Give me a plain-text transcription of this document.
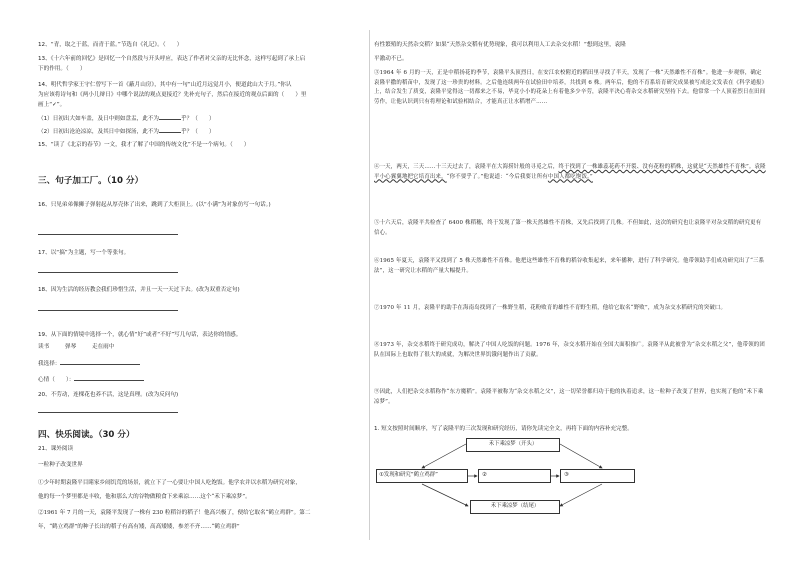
12、“青，取之于蓝，而青于蓝。”节选自《礼记》。（　　）
13、《十六年前的回忆》是回忆一个自然段与开头呼应，表达了作者对父亲的无比怀念，这样写起到了承上启
下的作用。（　　）
14、明代哲学家王守仁曾写下一首《蔽月山房》，其中有一句“山近月远觉月小，便道此山大于月。”你认
为应该将诗句和《两小儿辩日》中哪个说法的观点更接近？先补充句子，然后在接近的观点后面的（　　）里
画上“✓”。
（1）日初出大如车盖，及日中则如盘盂，此不为	乎？（　　）
（2）日初出沧沧凉凉，及其日中如探汤，此不为	乎？（　　）
15、“读了《北京的春节》一文，我才了解了中国的传统文化”不是一个病句。（　　）
三、句子加工厂。（10 分）
16、只见弟弟像狮子弹射起从厚壳体了出来，跳到了大柜顶上。(以“小满”为对象仿写一句话。)
17、以“搞”为主题，写一个等张句。
18、因为生活的经历教会我们珍惜生活，并且一天一天过下去。(改为双重否定句)
19、从下面的情境中选择一个，就心情“好”或者“不好”写几句话，表达你的情感。
读书	弹琴	走在雨中
我选择：
心情（　　）：
20、不劳动，连棵花也养不活，这是真理。(改为反问句)
四、快乐阅读。（30 分）
21、课外阅读
一粒种子改变世界
①少年时期袁隆平目睹家乡闹饥荒的场景，就立下了一心要让中国人吃饱饭。他学农并以水稻为研究对象，
他的每一个梦里都是丰收，他和那么大的谷物做粮食下来乘凉……这个“禾下乘凉梦”。
②1961 年 7 月的一天，袁隆平发现了一株有 230 粒稻谷的稻子！他高兴极了，便给它取名“鹤立鸡群”。第二
年，“鹤立鸡群”的种子长出的稻子有高有矮，高高矮矮，参差不齐……“鹤立鸡群”
有性繁殖的天然杂交稻？如果“天然杂交稻有优势现象，我可以利用人工去杂交水稻！”想到这里，袁隆
平激动不已。
③1964 年 6 月的一天，正是中稻扬花的季节，袁隆平头顶烈日，在安江农校附近的稻田里寻找了半天，发现了一株“天然雄性不育株”。他进一步观察，确定袁隆平撒的稻苗中，发现了这一珍贵的材料。之后他连续两年在试验田中培养，共找到 6 株。两年后，他的不育系培育研究成果被写成论文发表在《科学通报》上，结合发生了质变，袁隆平觉得这一切都来之不易，毕竟小小的花朵上有着他多少辛劳，袁隆平决心将杂交水稻研究坚持下去。他常常一个人顶着烈日在田间劳作，让他认识到只有将理论和试验相结合，才能真正让水稻增产……
④一天，两天，三天……十三天过去了，袁隆平在大海捞针般的寻觅之后，终于找到了一株雄蕊花药不开裂、没有花粉的稻株，这就是“天然雄性不育株”。袁隆平小心翼翼地把它培育出来，“你不要乎了。”他说道：“今后我要让所有中国人都吃饱饭。”
⑤十六天后，袁隆平共检查了 6400 株稻穗，终于发现了第一株天然雄性不育株，又先后找到了几株。不但如此，这次的研究也让袁隆平对杂交稻的研究更有信心。
⑥1965 年夏天，袁隆平又找到了 5 株天然雄性不育株。他把这些雄性不育株的稻谷收集起来，来年播种，进行了科学研究。他带领助手们成功研究出了“三系法”，这一研究让水稻的产量大幅提升。
⑦1970 年 11 月，袁隆平的助手在海南岛找到了一株野生稻，花粉败育的雄性不育野生稻，他给它取名“野败”，成为杂交水稻研究的突破口。
⑧1973 年，杂交水稻终于研究成功，解决了中国人吃饭的问题。1976 年，杂交水稻开始在全国大面积推广。袁隆平从此被誉为“杂交水稻之父”，他带领的团队在国际上也取得了很大的成就，为解决世界饥饿问题作出了贡献。
⑨因此，人们把杂交水稻称作“东方魔稻”。袁隆平被称为“杂交水稻之父”，这一切荣誉都归功于他的执着追求，这一粒种子改变了世界，也实现了他的“禾下乘凉梦”。
1. 短文按照时间顺序，写了袁隆平的三次发现和研究经历，请你先读完全文，再将下面的内容补充完整。
禾下乘凉梦（开头）
①发现和研究“鹤立鸡群”	②	③
禾下乘凉梦（结尾）
